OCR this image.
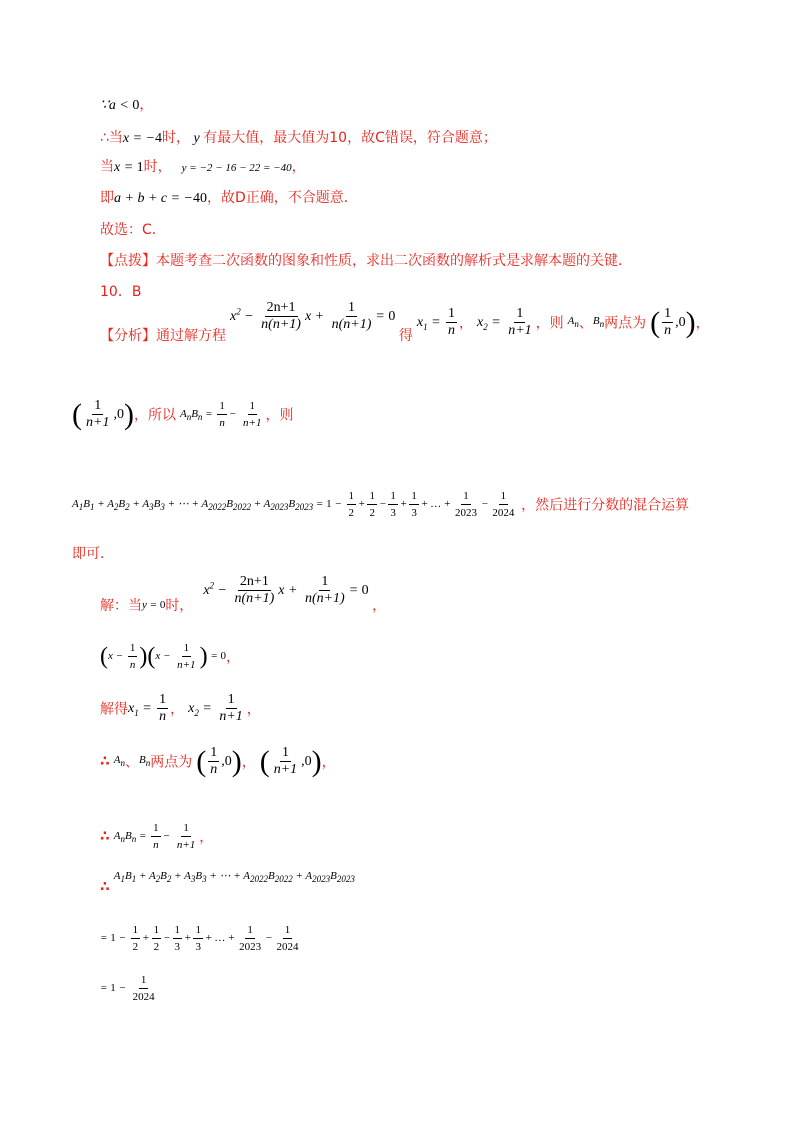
∵a < 0，
∴当x = −4时， y 有最大值，最大值为10，故C错误，符合题意；
当x = 1时， y = −2 − 16 − 22 = −40，
即a + b + c = −40，故D正确，不合题意．
故选：C．
【点拨】本题考查二次函数的图象和性质，求出二次函数的解析式是求解本题的关键．
10．B
【分析】通过解方程 $x^2 - \frac{2n+1}{n(n+1)}$ $x + \frac{1}{n(n+1)} = 0$ 得 $x_1 = \frac{1}{n}$ ， $x_2 = \frac{1}{n+1}$ ，则 $A_n$、$B_n$两点为 ( $\frac{1}{n} ,0$)，
( $\frac{1}{n+1} ,0$)，所以 $A_nB_n = \frac{1}{n} - \frac{1}{n+1}$ ，则
$A_1B_1 + A_2B_2 + A_3B_3$ + ⋯ + $A_{2022}B_{2022} + A_{2023}B_{2023} = 1 - \frac{1}{2} + \frac{1}{2} - \frac{1}{3} + \frac{1}{3}$ + … + $\frac{1}{2023} - \frac{1}{2024}$ ，然后进行分数的混合运算
即可．
解：当$_{y = 0}$时， $x^2 - \frac{2n+1}{n(n+1)}$ $x + \frac{1}{n(n+1)} = 0$ ，
$(x - \frac{1}{n} )(x - \frac{1}{n+1}$ ) = 0，
解得$x_1 = \frac{1}{n}$ ， $x_2 = \frac{1}{n+1}$ ，
∴ $A_n$、$B_n$两点为 ( $\frac{1}{n} ,0$)， ( $\frac{1}{n+1} ,0$)，
∴ $A_nB_n = \frac{1}{n} - \frac{1}{n+1}$ ，
∴ $A_1B_1 + A_2B_2 + A_3B_3$ + ⋯ + $A_{2022}B_{2022} + A_{2023}B_{2023}$
= $1 - \frac{1}{2} + \frac{1}{2} - \frac{1}{3} + \frac{1}{3}$ + … + $\frac{1}{2023} - \frac{1}{2024}$
= $1 - \frac{1}{2024}$
